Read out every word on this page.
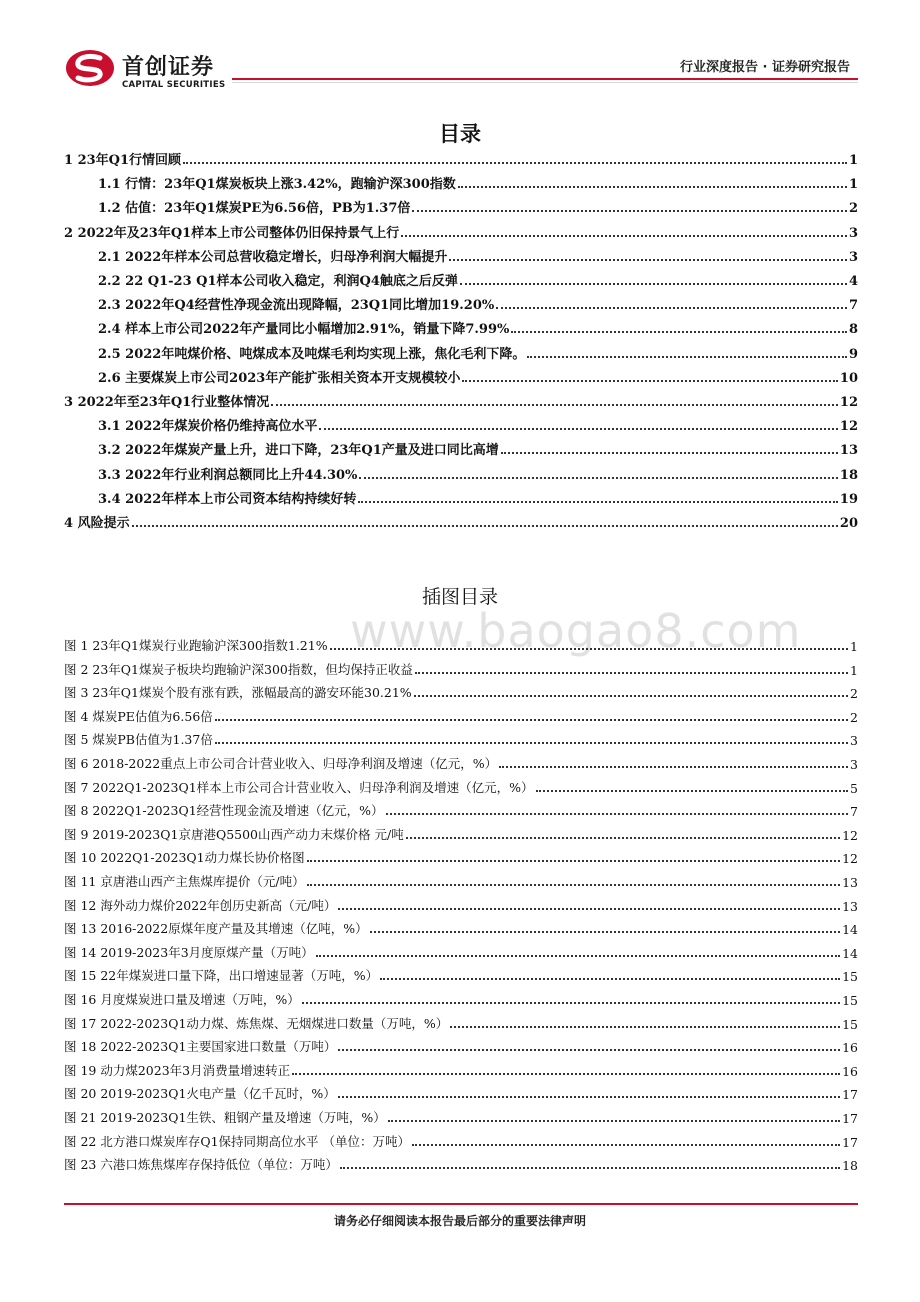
首创证券
CAPITAL SECURITIES
行业深度报告 · 证券研究报告
目录
1 23年Q1行情回顾	1
1.1 行情：23年Q1煤炭板块上涨3.42%，跑输沪深300指数	1
1.2 估值：23年Q1煤炭PE为6.56倍，PB为1.37倍	2
2 2022年及23年Q1样本上市公司整体仍旧保持景气上行	3
2.1 2022年样本公司总营收稳定增长，归母净利润大幅提升	3
2.2 22 Q1-23 Q1样本公司收入稳定，利润Q4触底之后反弹	4
2.3 2022年Q4经营性净现金流出现降幅，23Q1同比增加19.20%	7
2.4 样本上市公司2022年产量同比小幅增加2.91%，销量下降7.99%	8
2.5 2022年吨煤价格、吨煤成本及吨煤毛利均实现上涨，焦化毛利下降。	9
2.6 主要煤炭上市公司2023年产能扩张相关资本开支规模较小	10
3 2022年至23年Q1行业整体情况	12
3.1 2022年煤炭价格仍维持高位水平	12
3.2 2022年煤炭产量上升，进口下降，23年Q1产量及进口同比高增	13
3.3 2022年行业利润总额同比上升44.30%	18
3.4 2022年样本上市公司资本结构持续好转	19
4 风险提示	20
www.baogao8.com
插图目录
图 1 23年Q1煤炭行业跑输沪深300指数1.21%	1
图 2 23年Q1煤炭子板块均跑输沪深300指数，但均保持正收益	1
图 3 23年Q1煤炭个股有涨有跌，涨幅最高的潞安环能30.21%	2
图 4 煤炭PE估值为6.56倍	2
图 5 煤炭PB估值为1.37倍	3
图 6 2018-2022重点上市公司合计营业收入、归母净利润及增速（亿元，%）	3
图 7 2022Q1-2023Q1样本上市公司合计营业收入、归母净利润及增速（亿元，%）	5
图 8 2022Q1-2023Q1经营性现金流及增速（亿元，%）	7
图 9 2019-2023Q1京唐港Q5500山西产动力末煤价格 元/吨	12
图 10 2022Q1-2023Q1动力煤长协价格图	12
图 11 京唐港山西产主焦煤库提价（元/吨）	13
图 12 海外动力煤价2022年创历史新高（元/吨）	13
图 13 2016-2022原煤年度产量及其增速（亿吨，%）	14
图 14 2019-2023年3月度原煤产量（万吨）	14
图 15 22年煤炭进口量下降，出口增速显著（万吨，%）	15
图 16 月度煤炭进口量及增速（万吨，%）	15
图 17 2022-2023Q1动力煤、炼焦煤、无烟煤进口数量（万吨，%）	15
图 18 2022-2023Q1主要国家进口数量（万吨）	16
图 19 动力煤2023年3月消费量增速转正	16
图 20 2019-2023Q1火电产量（亿千瓦时，%）	17
图 21 2019-2023Q1生铁、粗钢产量及增速（万吨，%）	17
图 22 北方港口煤炭库存Q1保持同期高位水平 （单位：万吨）	17
图 23 六港口炼焦煤库存保持低位（单位：万吨）	18
请务必仔细阅读本报告最后部分的重要法律声明
